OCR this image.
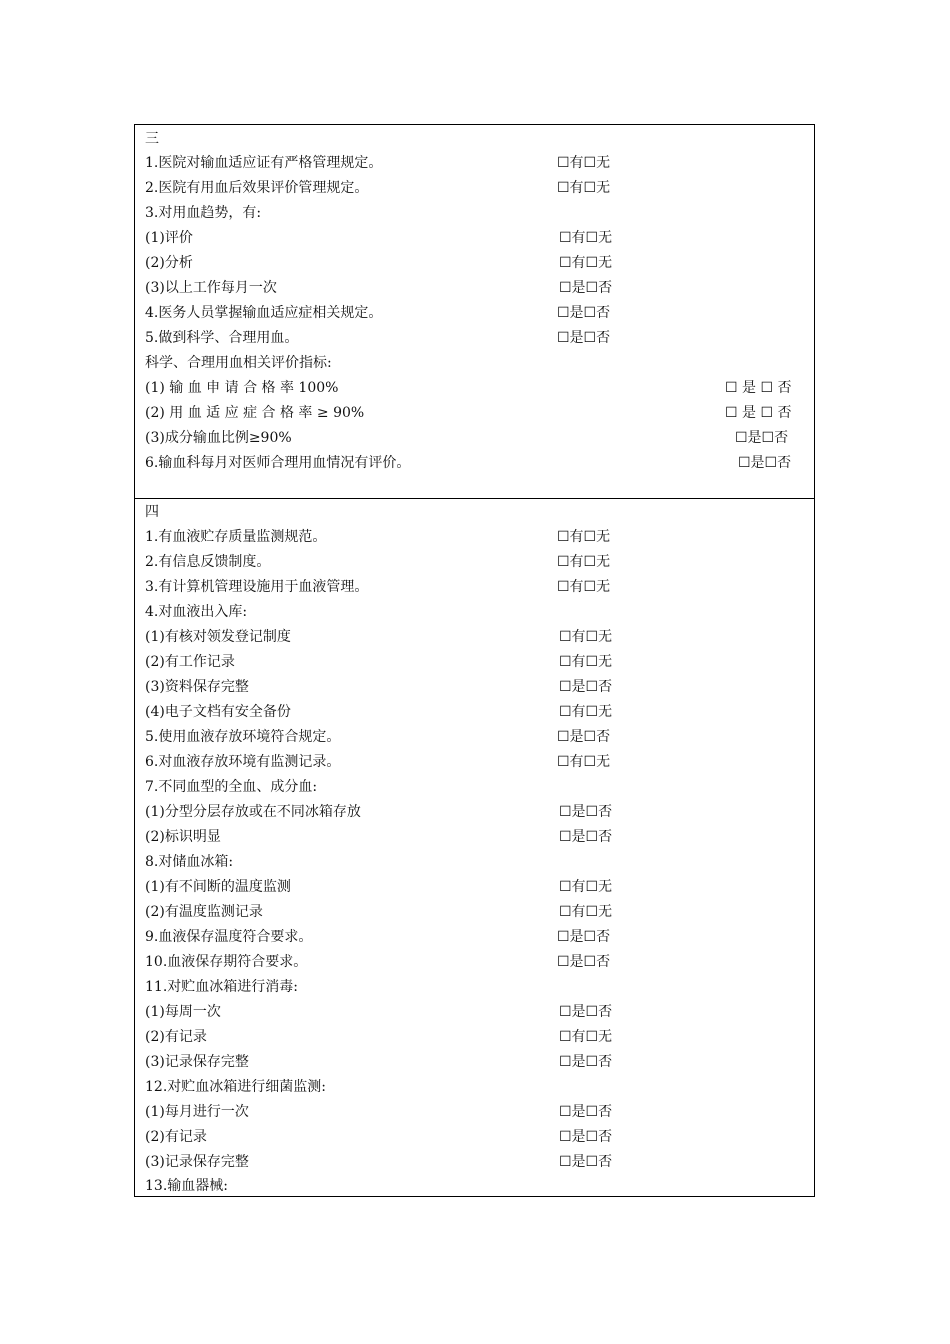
三
1.医院对输血适应证有严格管理规定。	☐有☐无
2.医院有用血后效果评价管理规定。	☐有☐无
3.对用血趋势，有:
(1)评价	☐有☐无
(2)分析	☐有☐无
(3)以上工作每月一次	☐是☐否
4.医务人员掌握输血适应症相关规定。	☐是☐否
5.做到科学、合理用血。	☐是☐否
科学、合理用血相关评价指标:
(1) 输 血 申 请 合 格 率 100%	☐ 是 ☐ 否
(2) 用 血 适 应 症 合 格 率 ≥ 90%	☐ 是 ☐ 否
(3)成分输血比例≥90%	☐是☐否
6.输血科每月对医师合理用血情况有评价。	☐是☐否
四
1.有血液贮存质量监测规范。	☐有☐无
2.有信息反馈制度。	☐有☐无
3.有计算机管理设施用于血液管理。	☐有☐无
4.对血液出入库:
(1)有核对领发登记制度	☐有☐无
(2)有工作记录	☐有☐无
(3)资料保存完整	☐是☐否
(4)电子文档有安全备份	☐有☐无
5.使用血液存放环境符合规定。	☐是☐否
6.对血液存放环境有监测记录。	☐有☐无
7.不同血型的全血、成分血:
(1)分型分层存放或在不同冰箱存放	☐是☐否
(2)标识明显	☐是☐否
8.对储血冰箱:
(1)有不间断的温度监测	☐有☐无
(2)有温度监测记录	☐有☐无
9.血液保存温度符合要求。	☐是☐否
10.血液保存期符合要求。	☐是☐否
11.对贮血冰箱进行消毒:
(1)每周一次	☐是☐否
(2)有记录	☐有☐无
(3)记录保存完整	☐是☐否
12.对贮血冰箱进行细菌监测:
(1)每月进行一次	☐是☐否
(2)有记录	☐是☐否
(3)记录保存完整	☐是☐否
13.输血器械:
